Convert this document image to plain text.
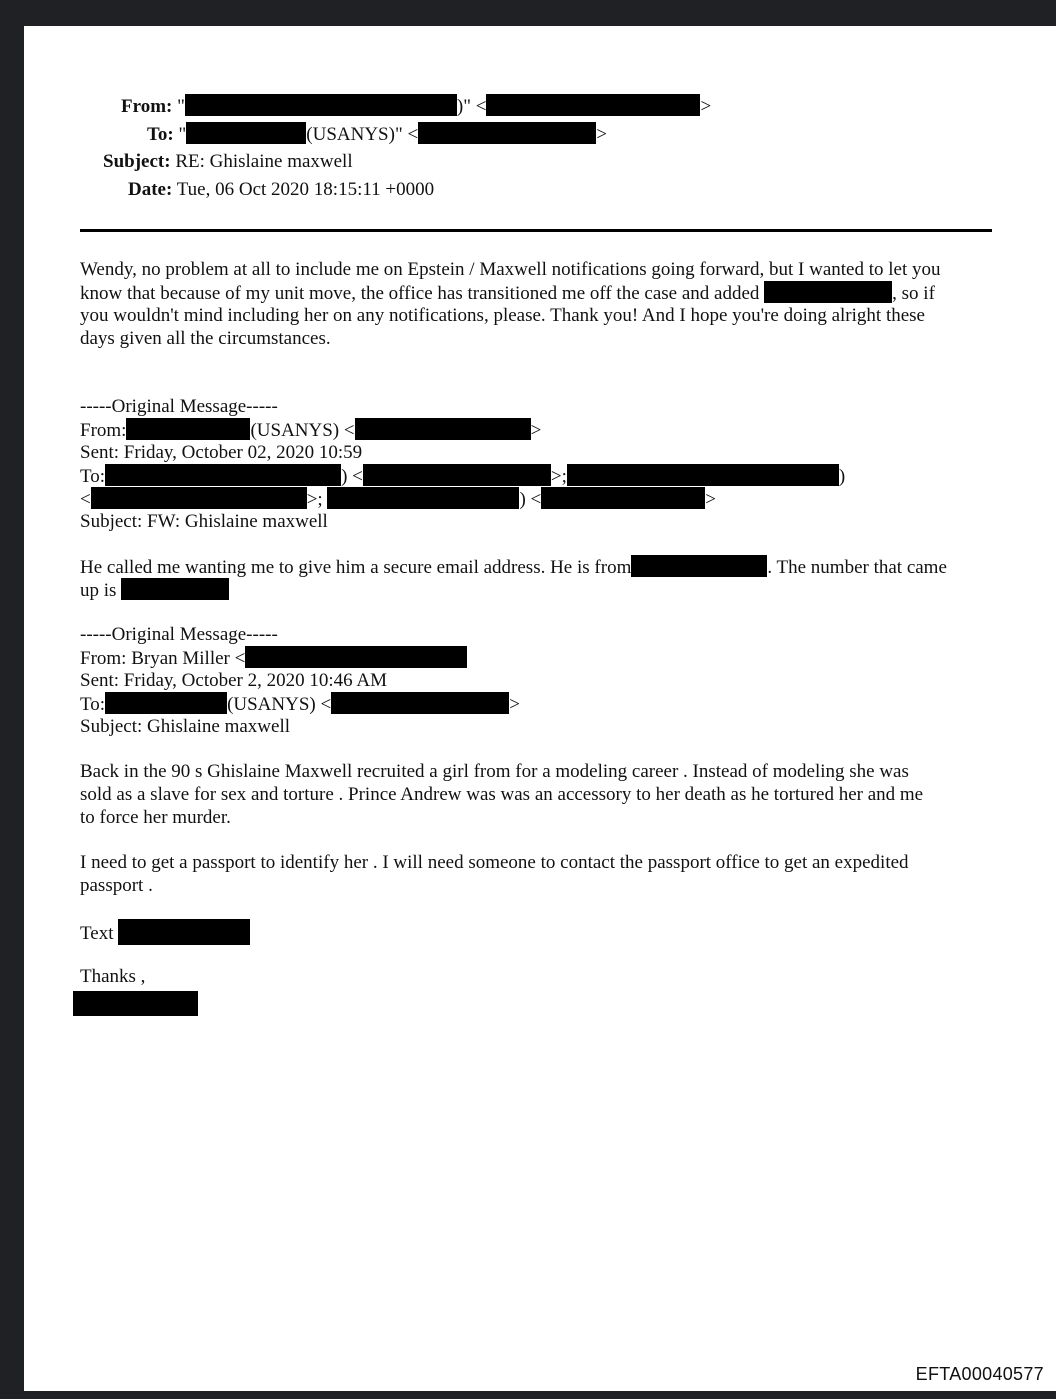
From: "	)" <	>
To: "	(USANYS)" <	>
Subject: RE: Ghislaine maxwell
Date: Tue, 06 Oct 2020 18:15:11 +0000
Wendy, no problem at all to include me on Epstein / Maxwell notifications going forward, but I wanted to let you
know that because of my unit move, the office has transitioned me off the case and added	, so if
you wouldn't mind including her on any notifications, please. Thank you! And I hope you're doing alright these
days given all the circumstances.
-----Original Message-----
From:	(USANYS) <	>
Sent: Friday, October 02, 2020 10:59
To:	) <	>;	)
<	>;	) <	>
Subject: FW: Ghislaine maxwell
He called me wanting me to give him a secure email address. He is from	. The number that came
up is
-----Original Message-----
From: Bryan Miller <
Sent: Friday, October 2, 2020 10:46 AM
To:	(USANYS) <	>
Subject: Ghislaine maxwell
Back in the 90 s Ghislaine Maxwell recruited a girl from for a modeling career . Instead of modeling she was
sold as a slave for sex and torture . Prince Andrew was was an accessory to her death as he tortured her and me
to force her murder.
I need to get a passport to identify her . I will need someone to contact the passport office to get an expedited
passport .
Text
Thanks ,
EFTA00040577
